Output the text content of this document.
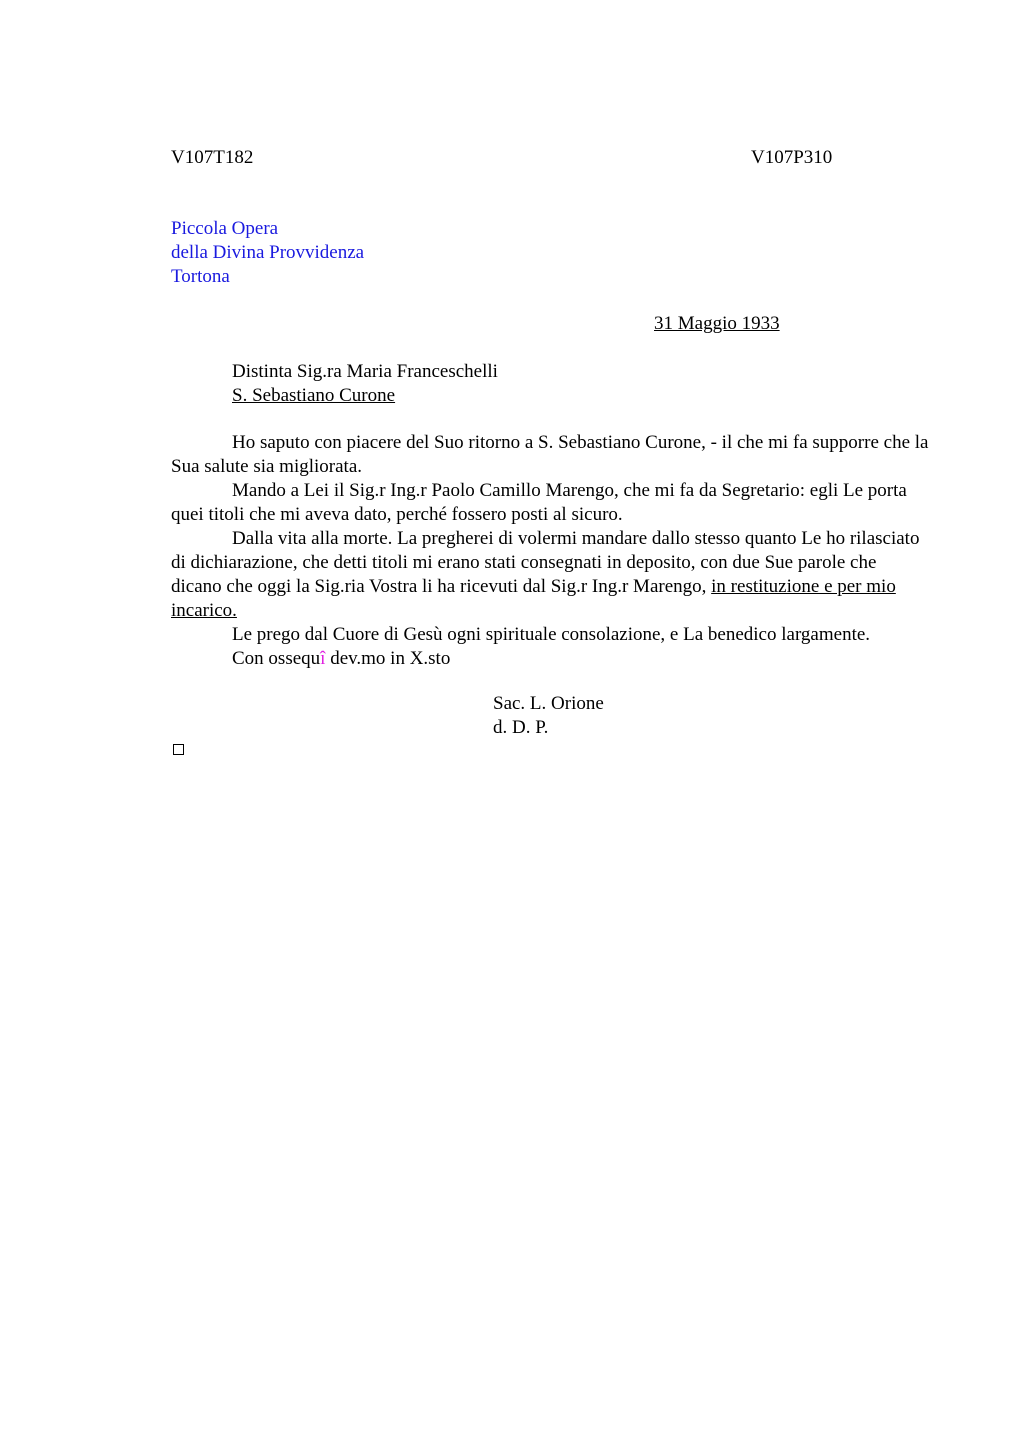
V107T182	V107P310
Piccola Opera
della Divina Provvidenza
Tortona
31 Maggio 1933
Distinta Sig.ra Maria Franceschelli
S. Sebastiano Curone

Ho saputo con piacere del Suo ritorno a S. Sebastiano Curone, - il che mi fa supporre che la Sua salute sia migliorata.

Mando a Lei il Sig.r Ing.r Paolo Camillo Marengo, che mi fa da Segretario: egli Le porta quei titoli che mi aveva dato, perché fossero posti al sicuro.

Dalla vita alla morte. La pregherei di volermi mandare dallo stesso quanto Le ho rilasciato di dichiarazione, che detti titoli mi erano stati consegnati in deposito, con due Sue parole che dicano che oggi la Sig.ria Vostra li ha ricevuti dal Sig.r Ing.r Marengo, in restituzione e per mio incarico.

Le prego dal Cuore di Gesù ogni spirituale consolazione, e La benedico largamente.

Con ossequî dev.mo in X.sto

Sac. L. Orione
d. D. P.
